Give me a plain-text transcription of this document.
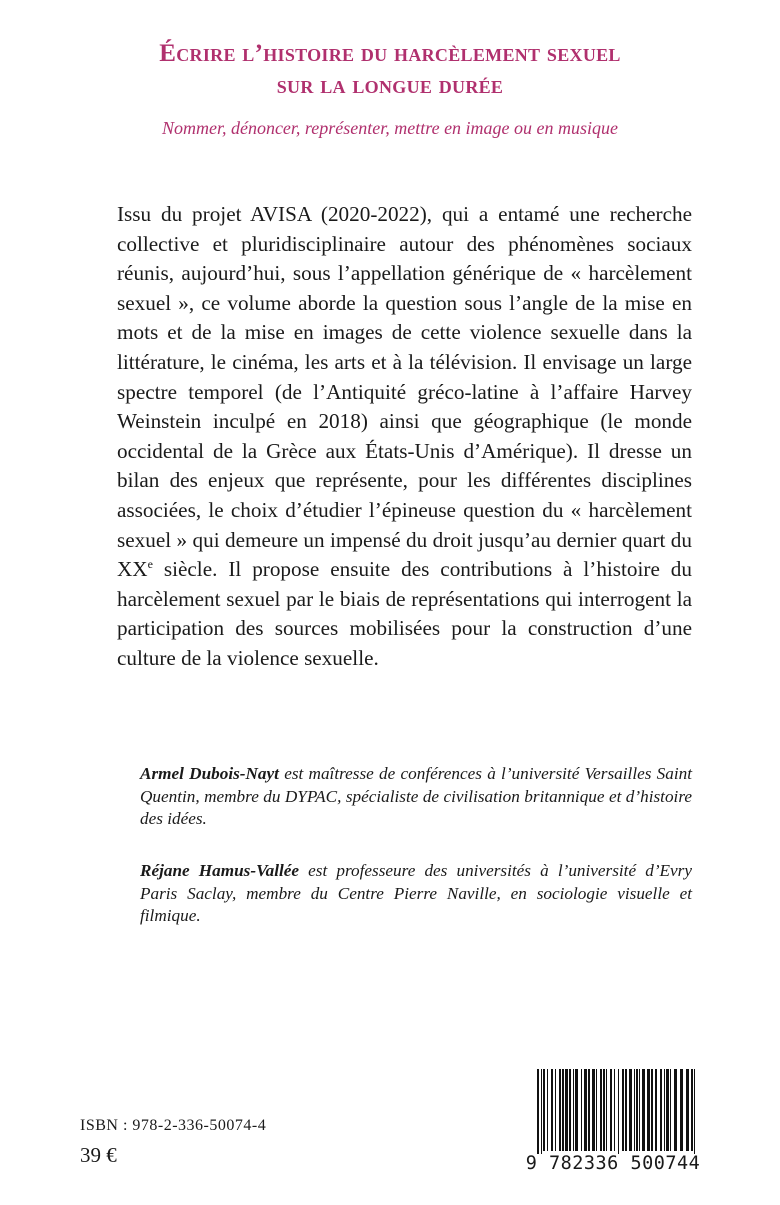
Écrire l’histoire du harcèlement sexuel
sur la longue durée
Nommer, dénoncer, représenter, mettre en image ou en musique
Issu du projet AVISA (2020-2022), qui a entamé une recherche collective et pluridisciplinaire autour des phénomènes sociaux réunis, aujourd’hui, sous l’appellation générique de « harcèlement sexuel », ce volume aborde la question sous l’angle de la mise en mots et de la mise en images de cette violence sexuelle dans la littérature, le cinéma, les arts et à la télévision. Il envisage un large spectre temporel (de l’Antiquité gréco-latine à l’affaire Harvey Weinstein inculpé en 2018) ainsi que géographique (le monde occidental de la Grèce aux États-Unis d’Amérique). Il dresse un bilan des enjeux que représente, pour les différentes disciplines associées, le choix d’étudier l’épineuse question du « harcèlement sexuel » qui demeure un impensé du droit jusqu’au dernier quart du XXe siècle. Il propose ensuite des contributions à l’histoire du harcèlement sexuel par le biais de représentations qui interrogent la participation des sources mobilisées pour la construction d’une culture de la violence sexuelle.
Armel Dubois-Nayt est maîtresse de conférences à l’université Versailles Saint Quentin, membre du DYPAC, spécialiste de civilisation britannique et d’histoire des idées.
Réjane Hamus-Vallée est professeure des universités à l’université d’Evry Paris Saclay, membre du Centre Pierre Naville, en sociologie visuelle et filmique.
ISBN : 978-2-336-50074-4
39 €	9 782336 500744
